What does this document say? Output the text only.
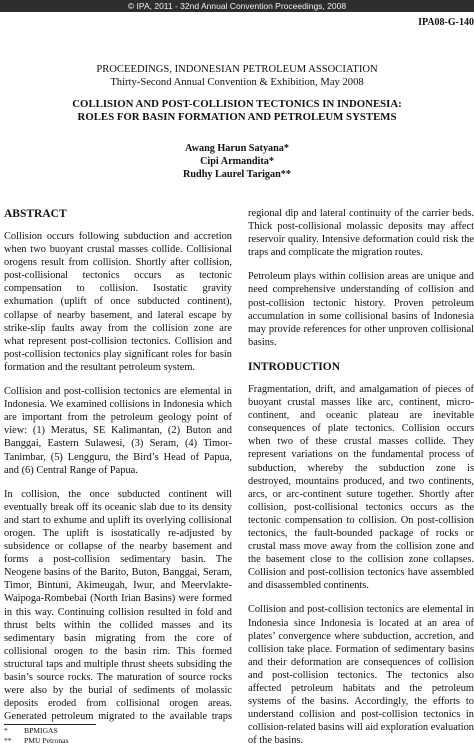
© IPA, 2011 - 32nd Annual Convention Proceedings, 2008
IPA08-G-140
PROCEEDINGS, INDONESIAN PETROLEUM ASSOCIATION
Thirty-Second Annual Convention & Exhibition, May 2008
COLLISION AND POST-COLLISION TECTONICS IN INDONESIA:
ROLES FOR BASIN FORMATION AND PETROLEUM SYSTEMS
Awang Harun Satyana*
Cipi Armandita*
Rudhy Laurel Tarigan**
ABSTRACT

Collision occurs following subduction and accretion when two buoyant crustal masses collide. Collisional orogens result from collision. Shortly after collision, post-collisional tectonics occurs as tectonic compensation to collision. Isostatic gravity exhumation (uplift of once subducted continent), collapse of nearby basement, and lateral escape by strike-slip faults away from the collision zone are what represent post-collision tectonics. Collision and post-collision tectonics play significant roles for basin formation and the resultant petroleum system.

Collision and post-collision tectonics are elemental in Indonesia. We examined collisions in Indonesia which are important from the petroleum geology point of view: (1) Meratus, SE Kalimantan, (2) Buton and Banggai, Eastern Sulawesi, (3) Seram, (4) Timor-Tanimbar, (5) Lengguru, the Bird’s Head of Papua, and (6) Central Range of Papua.

In collision, the once subducted continent will eventually break off its oceanic slab due to its density and start to exhume and uplift its overlying collisional orogen. The uplift is isostatically re-adjusted by subsidence or collapse of the nearby basement and forms a post-collision sedimentary basin. The Neogene basins of the Barito, Buton, Banggai, Seram, Timor, Bintuni, Akimeugah, Iwur, and Meervlakte-Waipoga-Rombebai (North Irian Basins) were formed in this way. Continuing collision resulted in fold and thrust belts within the collided masses and its sedimentary basin migrating from the core of collisional orogen to the basin rim. This formed structural taps and multiple thrust sheets subsiding the basin’s source rocks. The maturation of source rocks were also by the burial of sediments of molassic deposits eroded from collisional orogen areas. Generated petroleum migrated to the available traps

regional dip and lateral continuity of the carrier beds. Thick post-collisional molassic deposits may affect reservoir quality. Intensive deformation could risk the traps and complicate the migration routes.

Petroleum plays within collision areas are unique and need comprehensive understanding of collision and post-collision tectonic history. Proven petroleum accumulation in some collisional basins of Indonesia may provide references for other unproven collisional basins.

INTRODUCTION

Fragmentation, drift, and amalgamation of pieces of buoyant crustal masses like arc, continent, micro-continent, and oceanic plateau are inevitable consequences of plate tectonics. Collision occurs when two of these crustal masses collide. They represent variations on the fundamental process of subduction, whereby the subduction zone is destroyed, mountains produced, and two continents, arcs, or arc-continent suture together. Shortly after collision, post-collisional tectonics occurs as the tectonic compensation to collision. On post-collision tectonics, the fault-bounded package of rocks or crustal mass move away from the collision zone and the basement close to the collision zone collapses. Collision and post-collision tectonics have assembled and disassembled continents.

Collision and post-collision tectonics are elemental in Indonesia since Indonesia is located at an area of plates’ convergence where subduction, accretion, and collision take place. Formation of sedimentary basins and their deformation are consequences of collision and post-collision tectonics. The tectonics also affected petroleum habitats and the petroleum systems of the basins. Accordingly, the efforts to understand collision and post-collision tectonics in collision-related basins will aid exploration evaluation of the basins.

* BPMIGAS
** PMU Petronas
